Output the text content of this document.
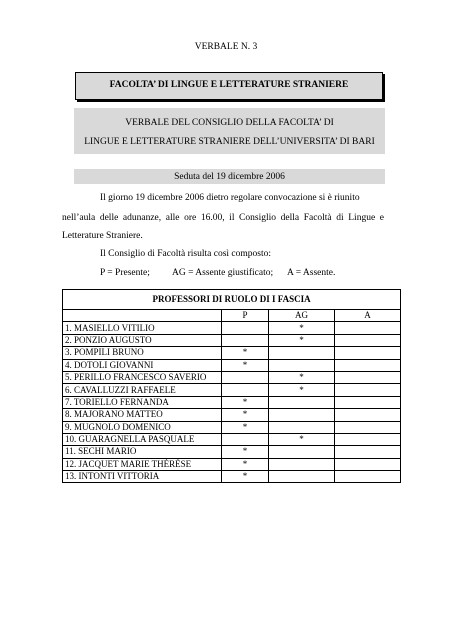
VERBALE N. 3
FACOLTA’ DI LINGUE E LETTERATURE STRANIERE
VERBALE DEL CONSIGLIO DELLA FACOLTA’ DI
LINGUE E LETTERATURE STRANIERE DELL’UNIVERSITA’ DI BARI
Seduta del 19 dicembre 2006
Il giorno 19 dicembre 2006 dietro regolare convocazione si è riunito
nell’aula delle adunanze, alle ore 16.00, il Consiglio della Facoltà di Lingue e
Letterature Straniere.
Il Consiglio di Facoltà risulta così composto:
P = Presente; AG = Assente giustificato; A = Assente.
PROFESSORI DI RUOLO DI I FASCIA			
	P	AG	A
1. MASIELLO VITILIO		*	
2. PONZIO AUGUSTO		*	
3. POMPILI BRUNO	*		
4. DOTOLI GIOVANNI	*		
5. PERILLO FRANCESCO SAVERIO		*	
6. CAVALLUZZI RAFFAELE		*	
7. TORIELLO FERNANDA	*		
8. MAJORANO MATTEO	*		
9. MUGNOLO DOMENICO	*		
10. GUARAGNELLA PASQUALE		*	
11. SECHI MARIO	*		
12. JACQUET MARIE THÉRÈSE	*		
13. INTONTI VITTORIA	*		
